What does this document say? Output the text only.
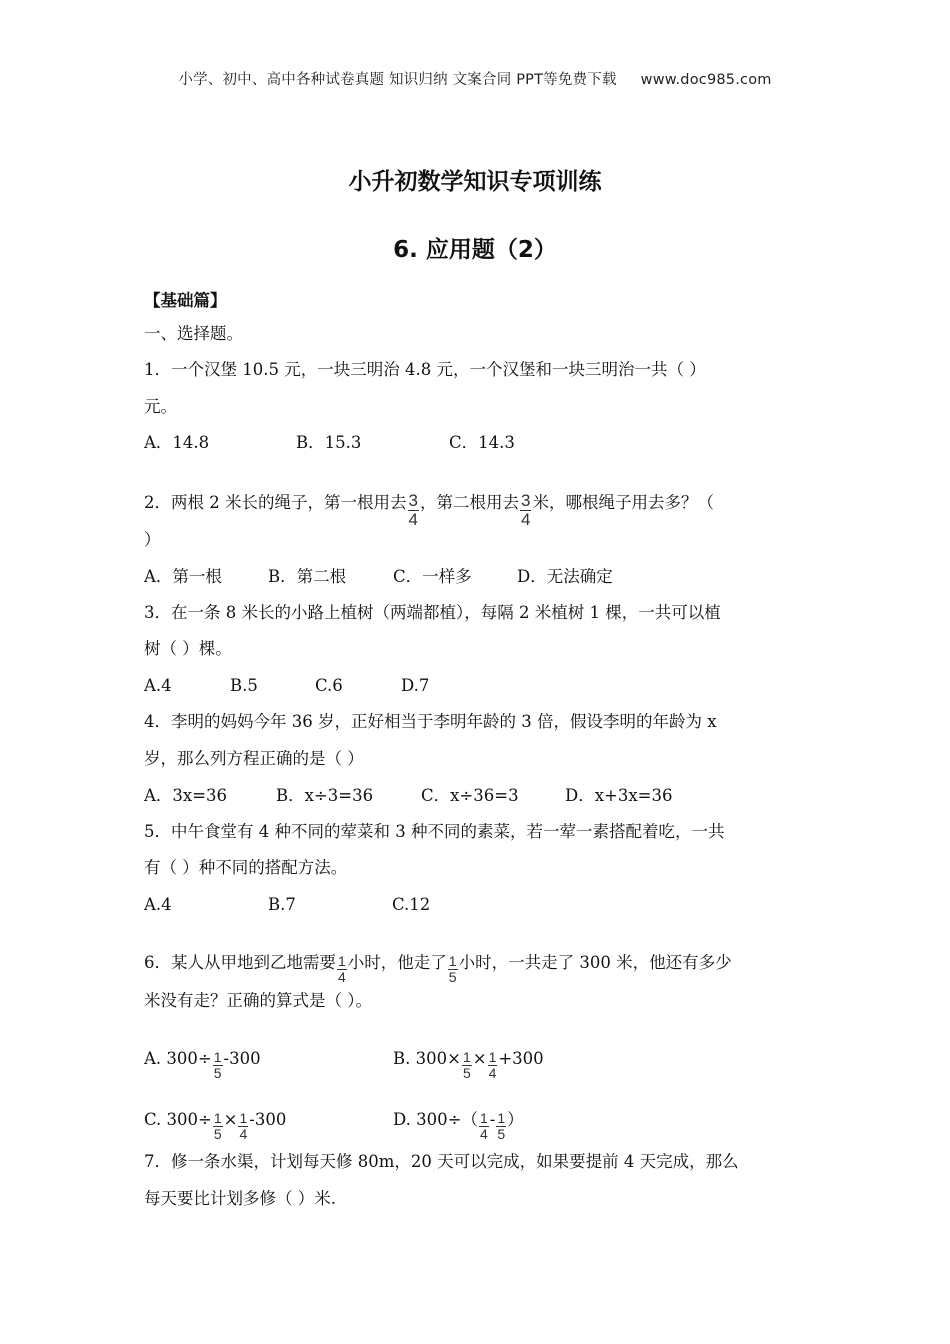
小学、初中、高中各种试卷真题 知识归纳 文案合同 PPT等免费下载 www.doc985.com
小升初数学知识专项训练
6. 应用题（2）
【基础篇】
一、选择题。
1．一个汉堡 10.5 元，一块三明治 4.8 元，一个汉堡和一块三明治一共（ ）
元。
A．14.8	B．15.3	C．14.3
2．两根 2 米长的绳子，第一根用去 $\frac{3}{4}$ ，第二根用去 $\frac{3}{4}$ 米，哪根绳子用去多？（
）
A．第一根	B．第二根	C．一样多	D．无法确定
3．在一条 8 米长的小路上植树（两端都植），每隔 2 米植树 1 棵，一共可以植
树（ ）棵。
A.4	B.5	C.6	D.7
4．李明的妈妈今年 36 岁，正好相当于李明年龄的 3 倍，假设李明的年龄为 x
岁，那么列方程正确的是（ ）
A．3x=36	B．x÷3=36	C．x÷36=3	D．x+3x=36
5．中午食堂有 4 种不同的荤菜和 3 种不同的素菜，若一荤一素搭配着吃，一共
有（ ）种不同的搭配方法。
A.4	B.7	C.12
6．某人从甲地到乙地需要 $\frac{1}{4}$ 小时，他走了 $\frac{1}{5}$ 小时，一共走了 300 米，他还有多少
米没有走？正确的算式是（ ）。
A. $300\div \frac{1}{5} -300$	B. $300\times \frac{1}{5} \times \frac{1}{4} +300$
C. $300\div \frac{1}{5} \times \frac{1}{4} -300$	D. $300\div( \frac{1}{4} - \frac{1}{5}$ ）
7．修一条水渠，计划每天修 80m，20 天可以完成，如果要提前 4 天完成，那么
每天要比计划多修（ ）米.
